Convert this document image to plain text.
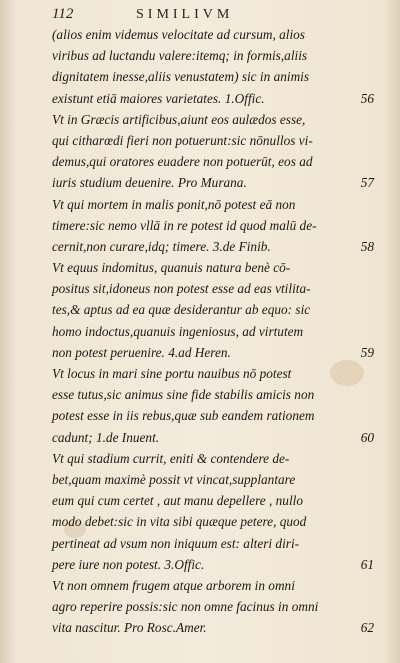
112	SIMILIVM
(alios enim videmus velocitate ad cursum, alios
viribus ad luctandu valere:itemq; in formis,aliis
dignitatem inesse,aliis venustatem) sic in animis
existunt etiā maiores varietates. 1.Offic.	56
Vt in Græcis artificibus,aiunt eos aulædos esse,
qui citharœdi fieri non potuerunt:sic nōnullos vi-
demus,qui oratores euadere non potuerūt, eos ad
iuris studium deuenire. Pro Murana.	57
Vt qui mortem in malis ponit,nō potest eā non
timere:sic nemo vllā in re potest id quod malū de-
cernit,non curare,idq; timere. 3.de Finib.	58
Vt equus indomitus, quanuis natura benè cō-
positus sit,idoneus non potest esse ad eas vtilita-
tes,& aptus ad ea quæ desiderantur ab equo: sic
homo indoctus,quanuis ingeniosus, ad virtutem
non potest peruenire. 4.ad Heren.	59
Vt locus in mari sine portu nauibus nō potest
esse tutus,sic animus sine fide stabilis amicis non
potest esse in iis rebus,quæ sub eandem rationem
cadunt; 1.de Inuent.	60
Vt qui stadium currit, eniti & contendere de-
bet,quam maximè possit vt vincat,supplantare
eum qui cum certet , aut manu depellere , nullo
modo debet:sic in vita sibi quæque petere, quod
pertineat ad vsum non iniquum est: alteri diri-
pere iure non potest. 3.Offic.	61
Vt non omnem frugem atque arborem in omni
agro reperire possis:sic non omne facinus in omni
vita nascitur. Pro Rosc.Amer.	62
